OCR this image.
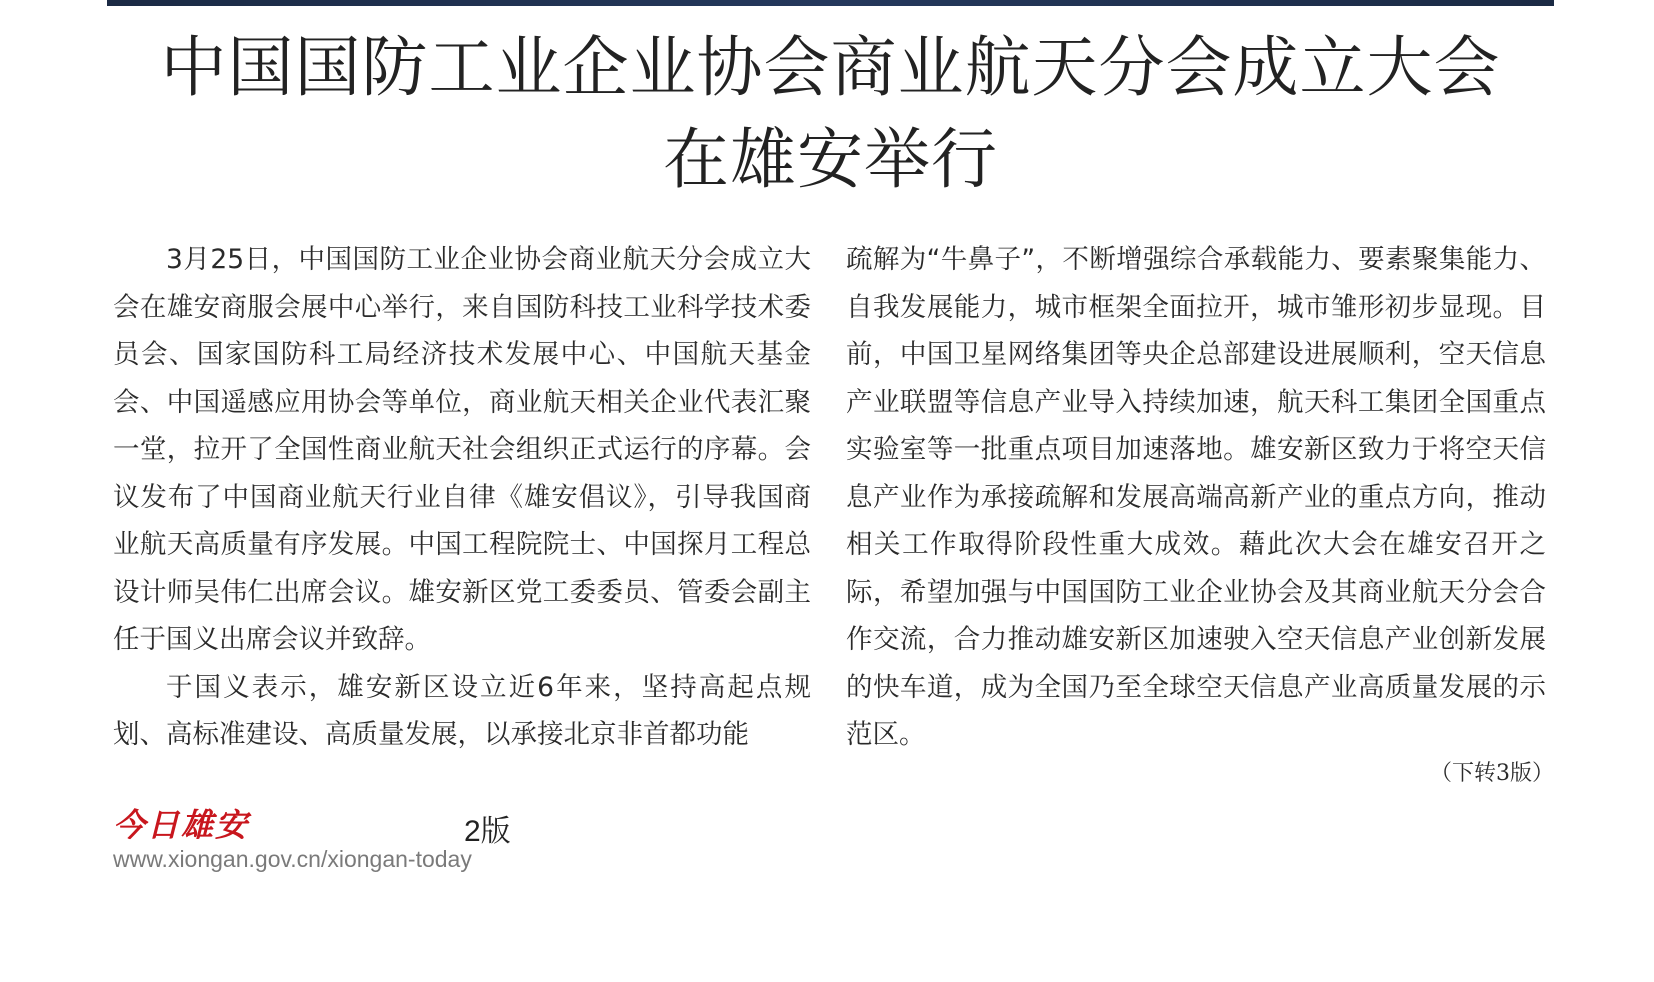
中国国防工业企业协会商业航天分会成立大会
在雄安举行

3月25日，中国国防工业企业协会商业航天分会成立大会在雄安商服会展中心举行，来自国防科技工业科学技术委员会、国家国防科工局经济技术发展中心、中国航天基金会、中国遥感应用协会等单位，商业航天相关企业代表汇聚一堂，拉开了全国性商业航天社会组织正式运行的序幕。会议发布了中国商业航天行业自律《雄安倡议》，引导我国商业航天高质量有序发展。中国工程院院士、中国探月工程总设计师吴伟仁出席会议。雄安新区党工委委员、管委会副主任于国义出席会议并致辞。

于国义表示，雄安新区设立近6年来，坚持高起点规划、高标准建设、高质量发展，以承接北京非首都功能

疏解为“牛鼻子”，不断增强综合承载能力、要素聚集能力、自我发展能力，城市框架全面拉开，城市雏形初步显现。目前，中国卫星网络集团等央企总部建设进展顺利，空天信息产业联盟等信息产业导入持续加速，航天科工集团全国重点实验室等一批重点项目加速落地。雄安新区致力于将空天信息产业作为承接疏解和发展高端高新产业的重点方向，推动相关工作取得阶段性重大成效。藉此次大会在雄安召开之际，希望加强与中国国防工业企业协会及其商业航天分会合作交流，合力推动雄安新区加速驶入空天信息产业创新发展的快车道，成为全国乃至全球空天信息产业高质量发展的示范区。

（下转3版）
今日雄安	2版
www.xiongan.gov.cn/xiongan-today
